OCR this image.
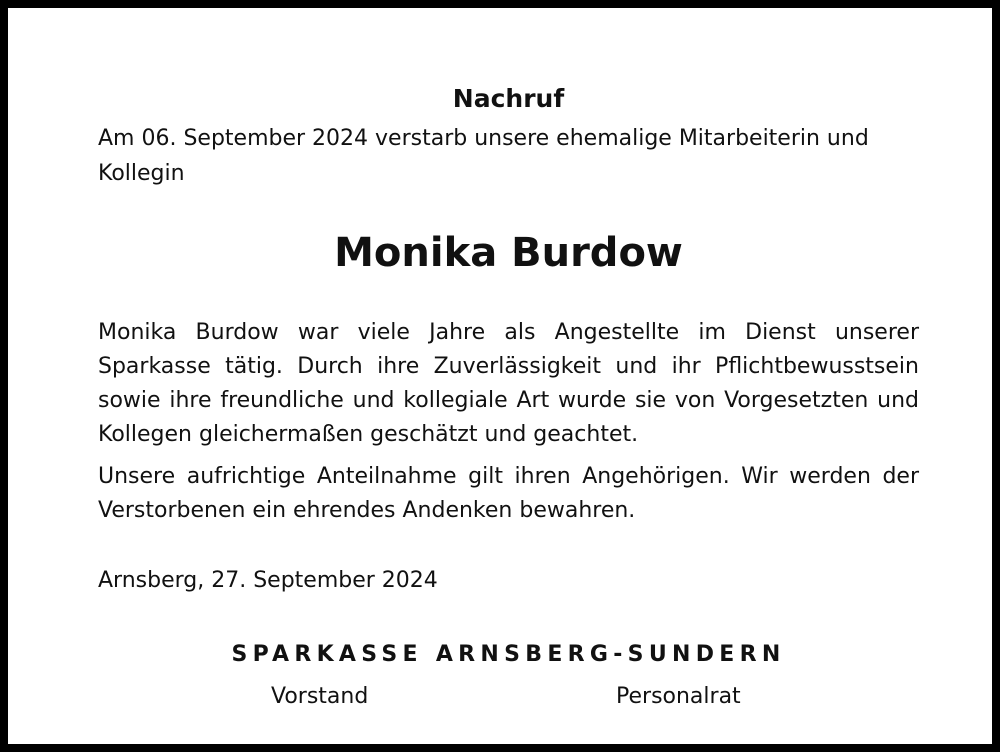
Nachruf

Am 06. September 2024 verstarb unsere ehemalige Mitarbeiterin und Kollegin

Monika Burdow

Monika Burdow war viele Jahre als Angestellte im Dienst unserer Sparkasse tätig. Durch ihre Zuverlässigkeit und ihr Pflichtbewusstsein sowie ihre freundliche und kollegiale Art wurde sie von Vorgesetzten und Kollegen gleichermaßen geschätzt und geachtet.

Unsere aufrichtige Anteilnahme gilt ihren Angehörigen. Wir werden der Verstorbenen ein ehrendes Andenken bewahren.

Arnsberg, 27. September 2024

SPARKASSE ARNSBERG-SUNDERN
Vorstand	Personalrat
